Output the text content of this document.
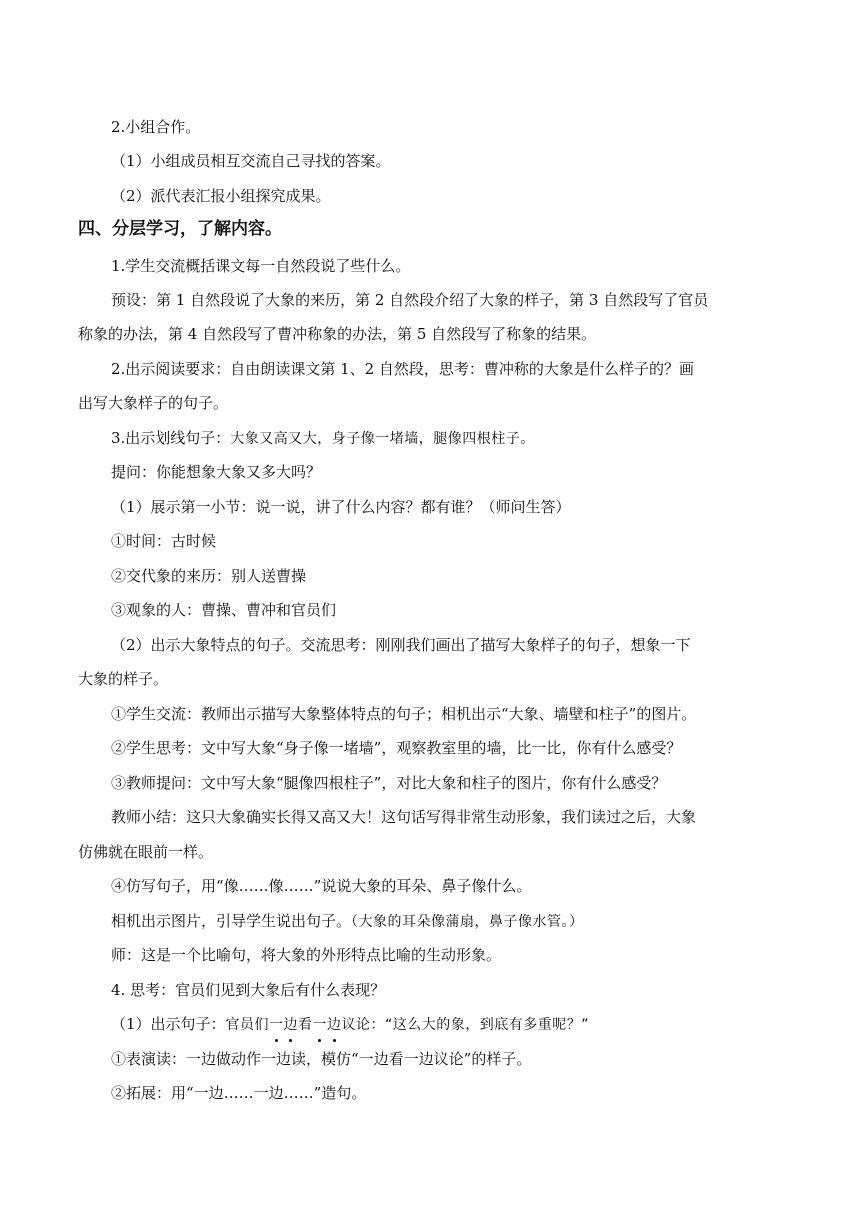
2.小组合作。
（1）小组成员相互交流自己寻找的答案。
（2）派代表汇报小组探究成果。
四、分层学习，了解内容。
1.学生交流概括课文每一自然段说了些什么。
预设：第 1 自然段说了大象的来历，第 2 自然段介绍了大象的样子，第 3 自然段写了官员
称象的办法，第 4 自然段写了曹冲称象的办法，第 5 自然段写了称象的结果。
2.出示阅读要求：自由朗读课文第 1、2 自然段，思考：曹冲称的大象是什么样子的？画
出写大象样子的句子。
3.出示划线句子：大象又高又大，身子像一堵墙，腿像四根柱子。
提问：你能想象大象又多大吗？
（1）展示第一小节：说一说，讲了什么内容？都有谁？（师问生答）
①时间：古时候
②交代象的来历：别人送曹操
③观象的人：曹操、曹冲和官员们
（2）出示大象特点的句子。交流思考：刚刚我们画出了描写大象样子的句子，想象一下
大象的样子。
①学生交流：教师出示描写大象整体特点的句子；相机出示“大象、墙壁和柱子”的图片。
②学生思考：文中写大象“身子像一堵墙”，观察教室里的墙，比一比，你有什么感受？
③教师提问：文中写大象“腿像四根柱子”，对比大象和柱子的图片，你有什么感受？
教师小结：这只大象确实长得又高又大！这句话写得非常生动形象，我们读过之后，大象
仿佛就在眼前一样。
④仿写句子，用“像……像……”说说大象的耳朵、鼻子像什么。
相机出示图片，引导学生说出句子。（大象的耳朵像蒲扇，鼻子像水管。）
师：这是一个比喻句，将大象的外形特点比喻的生动形象。
4. 思考：官员们见到大象后有什么表现？
（1）出示句子：官员们一边看一边议论：“这么大的象，到底有多重呢？”
①表演读：一边做动作一边读，模仿“一边看一边议论”的样子。
②拓展：用“一边……一边……”造句。
